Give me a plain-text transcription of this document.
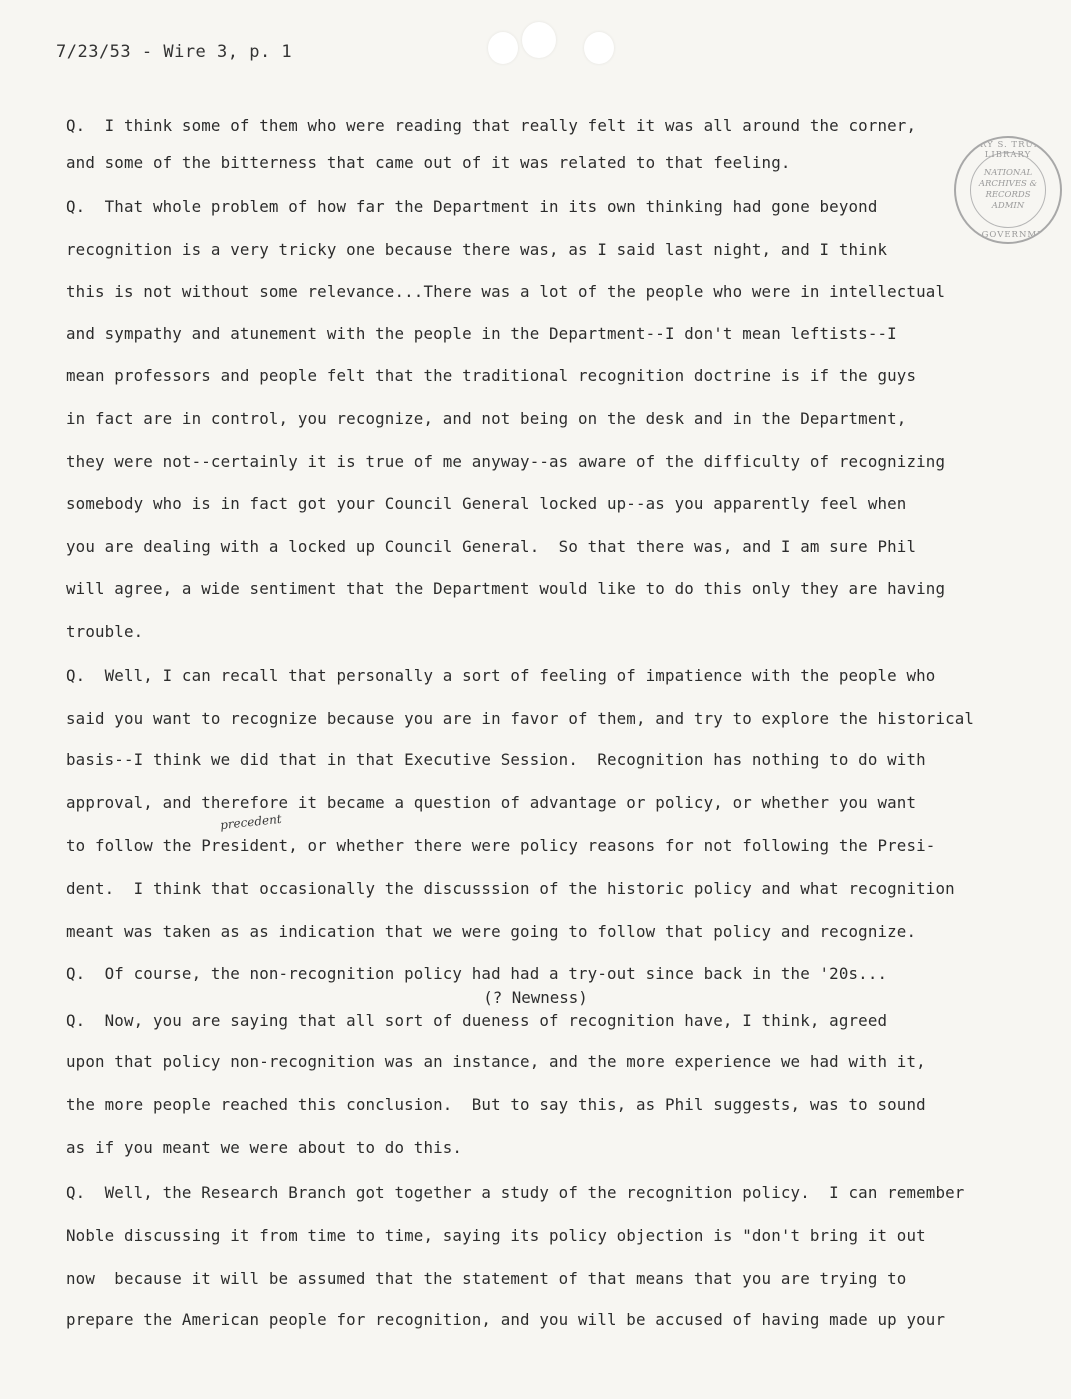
7/23/53 - Wire 3, p. 1
HARRY S. TRUMAN LIBRARY
NATIONAL
ARCHIVES &
RECORDS
ADMIN
U.S. GOVERNMENT
Q.  I think some of them who were reading that really felt it was all around the corner,
and some of the bitterness that came out of it was related to that feeling.
Q.  That whole problem of how far the Department in its own thinking had gone beyond
recognition is a very tricky one because there was, as I said last night, and I think
this is not without some relevance...There was a lot of the people who were in intellectual
and sympathy and atunement with the people in the Department--I don't mean leftists--I
mean professors and people felt that the traditional recognition doctrine is if the guys
in fact are in control, you recognize, and not being on the desk and in the Department,
they were not--certainly it is true of me anyway--as aware of the difficulty of recognizing
somebody who is in fact got your Council General locked up--as you apparently feel when
you are dealing with a locked up Council General.  So that there was, and I am sure Phil
will agree, a wide sentiment that the Department would like to do this only they are having
trouble.
Q.  Well, I can recall that personally a sort of feeling of impatience with the people who
said you want to recognize because you are in favor of them, and try to explore the historical
basis--I think we did that in that Executive Session.  Recognition has nothing to do with
approval, and therefore it became a question of advantage or policy, or whether you want
to follow the President, or whether there were policy reasons for not following the Presi-
dent.  I think that occasionally the discusssion of the historic policy and what recognition
meant was taken as as indication that we were going to follow that policy and recognize.
Q.  Of course, the non-recognition policy had had a try-out since back in the '20s...
(? Newness)
Q.  Now, you are saying that all sort of dueness of recognition have, I think, agreed
upon that policy non-recognition was an instance, and the more experience we had with it,
the more people reached this conclusion.  But to say this, as Phil suggests, was to sound
as if you meant we were about to do this.
Q.  Well, the Research Branch got together a study of the recognition policy.  I can remember
Noble discussing it from time to time, saying its policy objection is "don't bring it out
now  because it will be assumed that the statement of that means that you are trying to
prepare the American people for recognition, and you will be accused of having made up your
precedent
